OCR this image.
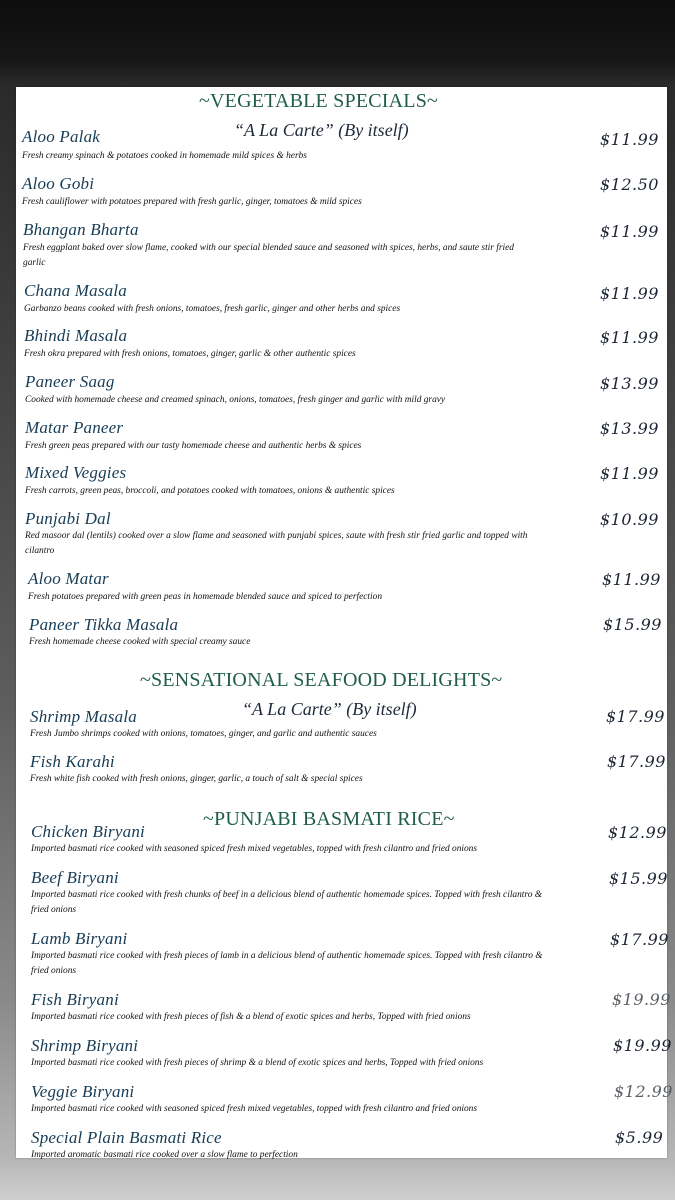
~VEGETABLE SPECIALS~
“A La Carte” (By itself)
Aloo Palak
Fresh creamy spinach & potatoes cooked in homemade mild spices & herbs
$11.99
Aloo Gobi
Fresh cauliflower with potatoes prepared with fresh garlic, ginger, tomatoes & mild spices
$12.50
Bhangan Bharta
Fresh eggplant baked over slow flame, cooked with our special blended sauce and seasoned with spices, herbs, and saute stir fried garlic
$11.99
Chana Masala
Garbanzo beans cooked with fresh onions, tomatoes, fresh garlic, ginger and other herbs and spices
$11.99
Bhindi Masala
Fresh okra prepared with fresh onions, tomatoes, ginger, garlic & other authentic spices
$11.99
Paneer Saag
Cooked with homemade cheese and creamed spinach, onions, tomatoes, fresh ginger and garlic with mild gravy
$13.99
Matar Paneer
Fresh green peas prepared with our tasty homemade cheese and authentic herbs & spices
$13.99
Mixed Veggies
Fresh carrots, green peas, broccoli, and potatoes cooked with tomatoes, onions & authentic spices
$11.99
Punjabi Dal
Red masoor dal (lentils) cooked over a slow flame and seasoned with punjabi spices, saute with fresh stir fried garlic and topped with cilantro
$10.99
Aloo Matar
Fresh potatoes prepared with green peas in homemade blended sauce and spiced to perfection
$11.99
Paneer Tikka Masala
Fresh homemade cheese cooked with special creamy sauce
$15.99
~SENSATIONAL SEAFOOD DELIGHTS~
“A La Carte” (By itself)
Shrimp Masala
Fresh Jumbo shrimps cooked with onions, tomatoes, ginger, and garlic and authentic sauces
$17.99
Fish Karahi
Fresh white fish cooked with fresh onions, ginger, garlic, a touch of salt & special spices
$17.99
~PUNJABI BASMATI RICE~
Chicken Biryani
Imported basmati rice cooked with seasoned spiced fresh mixed vegetables, topped with fresh cilantro and fried onions
$12.99
Beef Biryani
Imported basmati rice cooked with fresh chunks of beef in a delicious blend of authentic homemade spices. Topped with fresh cilantro & fried onions
$15.99
Lamb Biryani
Imported basmati rice cooked with fresh pieces of lamb in a delicious blend of authentic homemade spices. Topped with fresh cilantro & fried onions
$17.99
Fish Biryani
Imported basmati rice cooked with fresh pieces of fish & a blend of exotic spices and herbs, Topped with fried onions
$19.99
Shrimp Biryani
Imported basmati rice cooked with fresh pieces of shrimp & a blend of exotic spices and herbs, Topped with fried onions
$19.99
Veggie Biryani
Imported basmati rice cooked with seasoned spiced fresh mixed vegetables, topped with fresh cilantro and fried onions
$12.99
Special Plain Basmati Rice
Imported aromatic basmati rice cooked over a slow flame to perfection
$5.99
